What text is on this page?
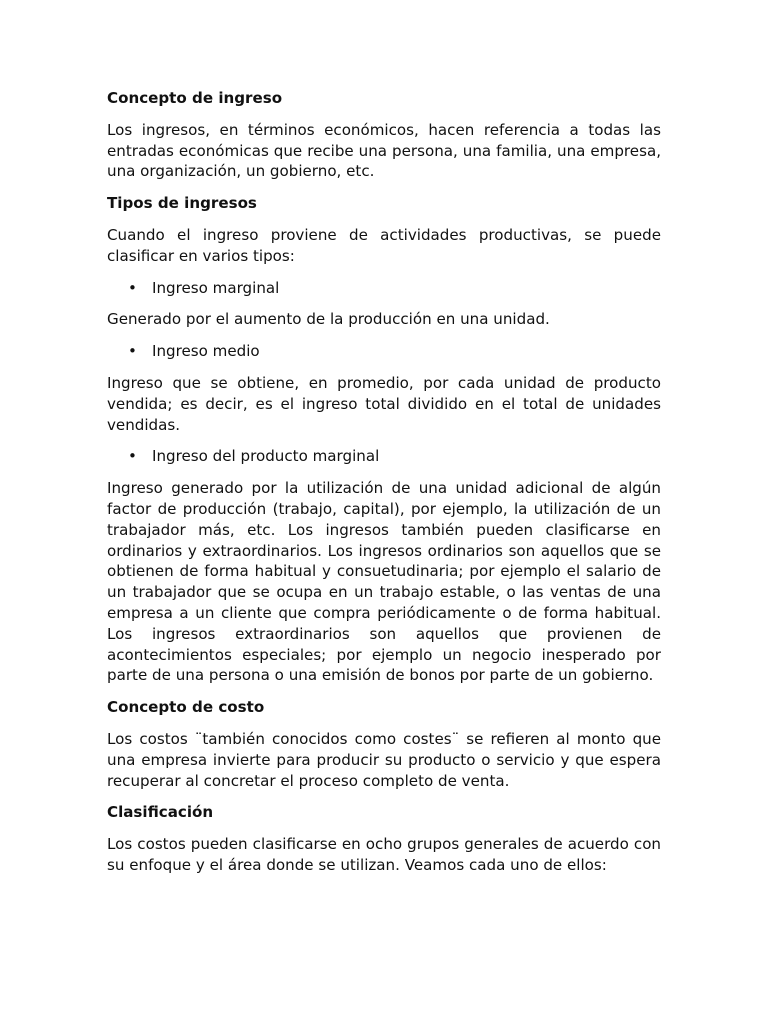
Concepto de ingreso
Los ingresos, en términos económicos, hacen referencia a todas las entradas económicas que recibe una persona, una familia, una empresa, una organización, un gobierno, etc.
Tipos de ingresos
Cuando el ingreso proviene de actividades productivas, se puede clasificar en varios tipos:
• Ingreso marginal
Generado por el aumento de la producción en una unidad.
• Ingreso medio
Ingreso que se obtiene, en promedio, por cada unidad de producto vendida; es decir, es el ingreso total dividido en el total de unidades vendidas.
• Ingreso del producto marginal
Ingreso generado por la utilización de una unidad adicional de algún factor de producción (trabajo, capital), por ejemplo, la utilización de un trabajador más, etc. Los ingresos también pueden clasificarse en ordinarios y extraordinarios. Los ingresos ordinarios son aquellos que se obtienen de forma habitual y consuetudinaria; por ejemplo el salario de un trabajador que se ocupa en un trabajo estable, o las ventas de una empresa a un cliente que compra periódicamente o de forma habitual. Los ingresos extraordinarios son aquellos que provienen de acontecimientos especiales; por ejemplo un negocio inesperado por parte de una persona o una emisión de bonos por parte de un gobierno.
Concepto de costo
Los costos ¨también conocidos como costes¨ se refieren al monto que una empresa invierte para producir su producto o servicio y que espera recuperar al concretar el proceso completo de venta.
Clasificación
Los costos pueden clasificarse en ocho grupos generales de acuerdo con su enfoque y el área donde se utilizan. Veamos cada uno de ellos:
